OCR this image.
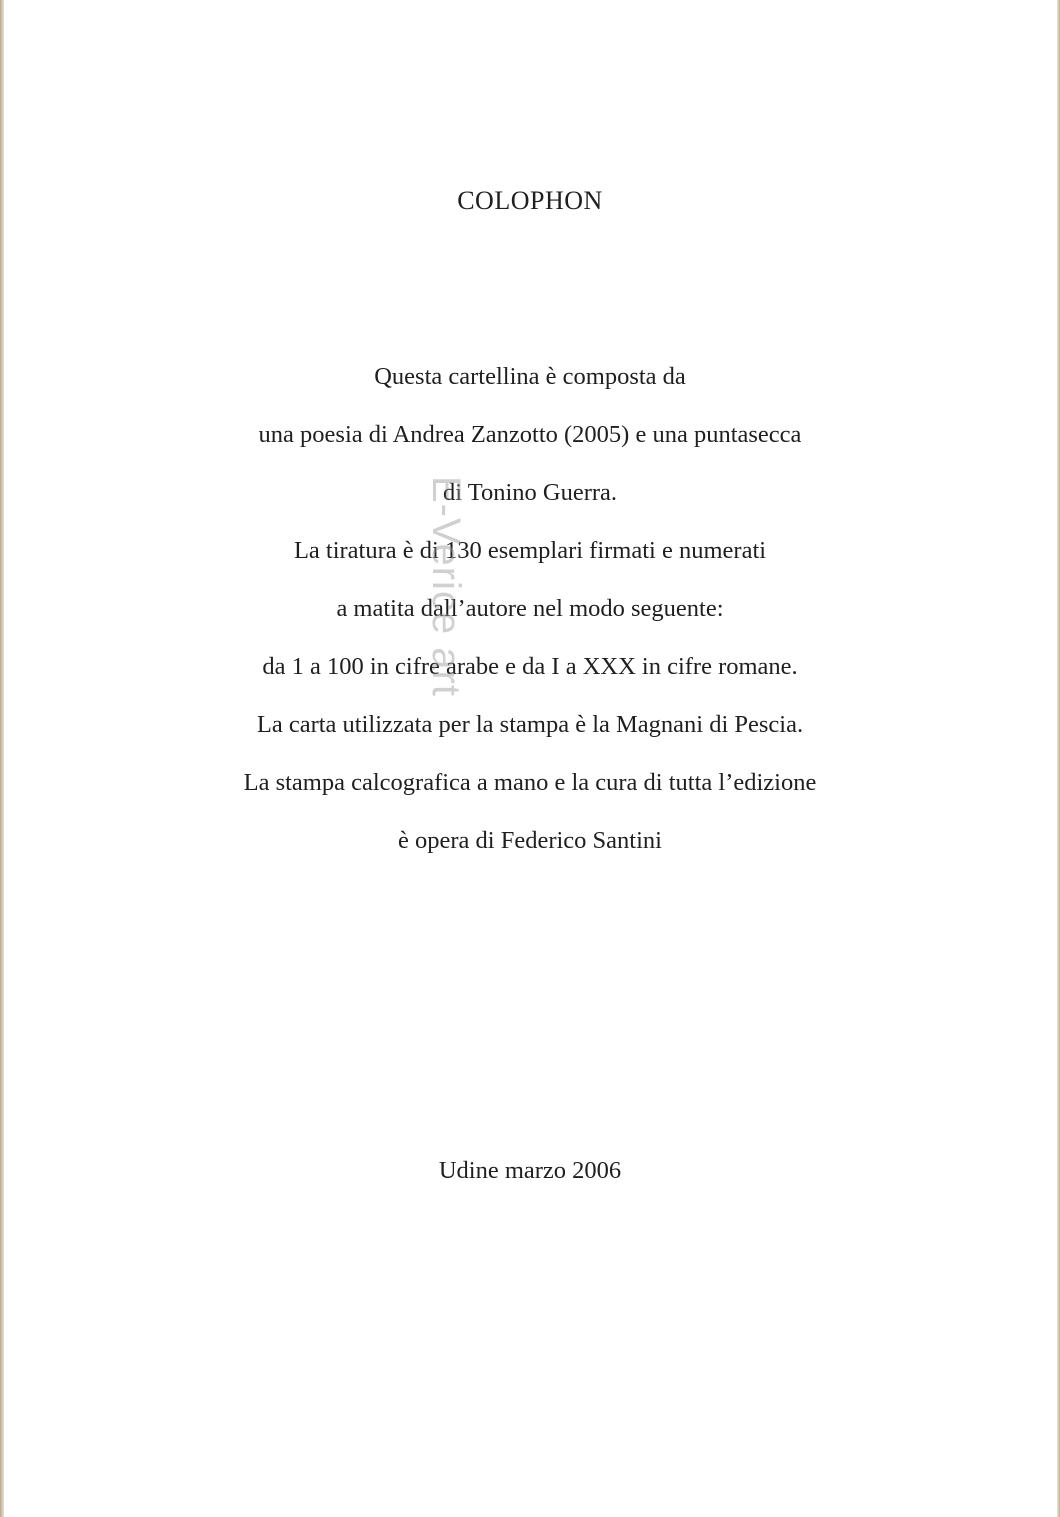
COLOPHON
Questa cartellina è composta da
una poesia di Andrea Zanzotto (2005) e una puntasecca
di Tonino Guerra.
La tiratura è di 130 esemplari firmati e numerati
a matita dall’autore nel modo seguente:
da 1 a 100 in cifre arabe e da I a XXX in cifre romane.
La carta utilizzata per la stampa è la Magnani di Pescia.
La stampa calcografica a mano e la cura di tutta l’edizione
è opera di Federico Santini
Udine marzo 2006
E-Verice art
